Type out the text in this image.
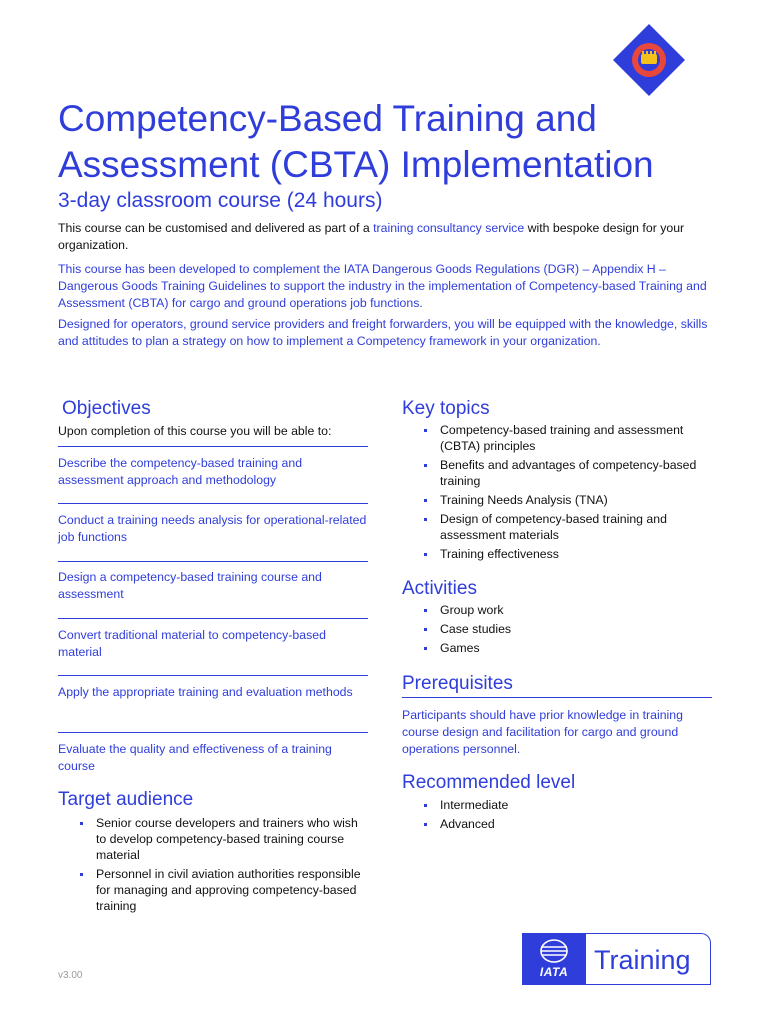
Competency-Based Training and Assessment (CBTA) Implementation
3-day classroom course (24 hours)

This course can be customised and delivered as part of a training consultancy service with bespoke design for your organization.

This course has been developed to complement the IATA Dangerous Goods Regulations (DGR) – Appendix H – Dangerous Goods Training Guidelines to support the industry in the implementation of Competency-based Training and Assessment (CBTA) for cargo and ground operations job functions.

Designed for operators, ground service providers and freight forwarders, you will be equipped with the knowledge, skills and attitudes to plan a strategy on how to implement a Competency framework in your organization.

Objectives

Upon completion of this course you will be able to:

Describe the competency-based training and assessment approach and methodology

Conduct a training needs analysis for operational-related job functions

Design a competency-based training course and assessment

Convert traditional material to competency-based material

Apply the appropriate training and evaluation methods

Evaluate the quality and effectiveness of a training course

Target audience
Senior course developers and trainers who wish to develop competency-based training course material
Personnel in civil aviation authorities responsible for managing and approving competency-based training
Key topics
Competency-based training and assessment (CBTA) principles
Benefits and advantages of competency-based training
Training Needs Analysis (TNA)
Design of competency-based training and assessment materials
Training effectiveness
Activities
Group work
Case studies
Games
Prerequisites

Participants should have prior knowledge in training course design and facilitation for cargo and ground operations personnel.

Recommended level
Intermediate
Advanced

v3.00	IATA Training
